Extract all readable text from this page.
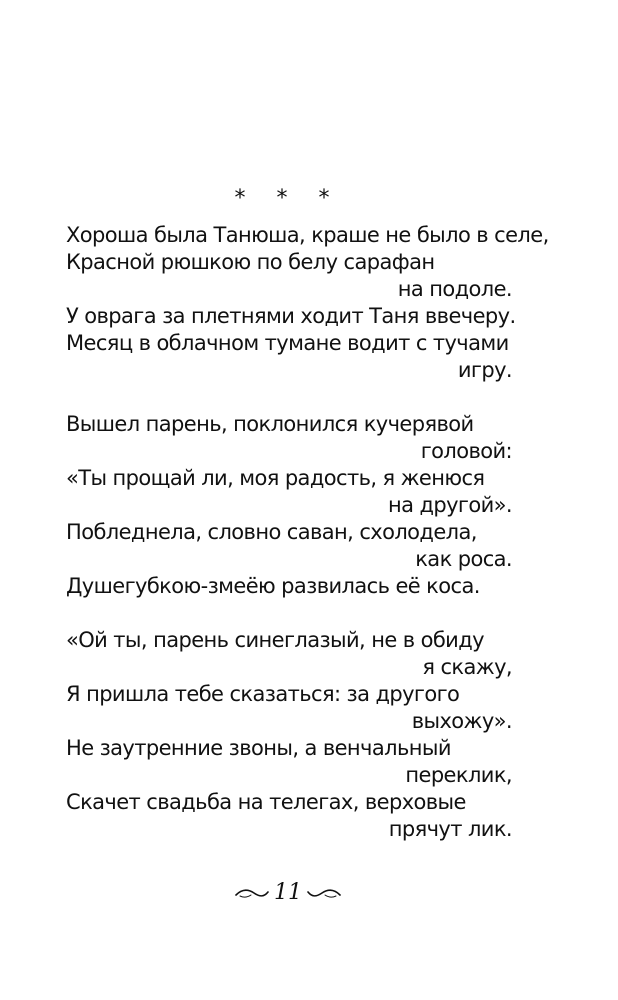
* * *
Хороша была Танюша, краше не было в селе,
Красной рюшкою по белу сарафан
на подоле.
У оврага за плетнями ходит Таня ввечеру.
Месяц в облачном тумане водит с тучами
игру.
Вышел парень, поклонился кучерявой
головой:
«Ты прощай ли, моя радость, я женюся
на другой».
Побледнела, словно саван, схолодела,
как роса.
Душегубкою-змеёю развилась её коса.
«Ой ты, парень синеглазый, не в обиду
я скажу,
Я пришла тебе сказаться: за другого
выхожу».
Не заутренние звоны, а венчальный
переклик,
Скачет свадьба на телегах, верховые
прячут лик.
11
